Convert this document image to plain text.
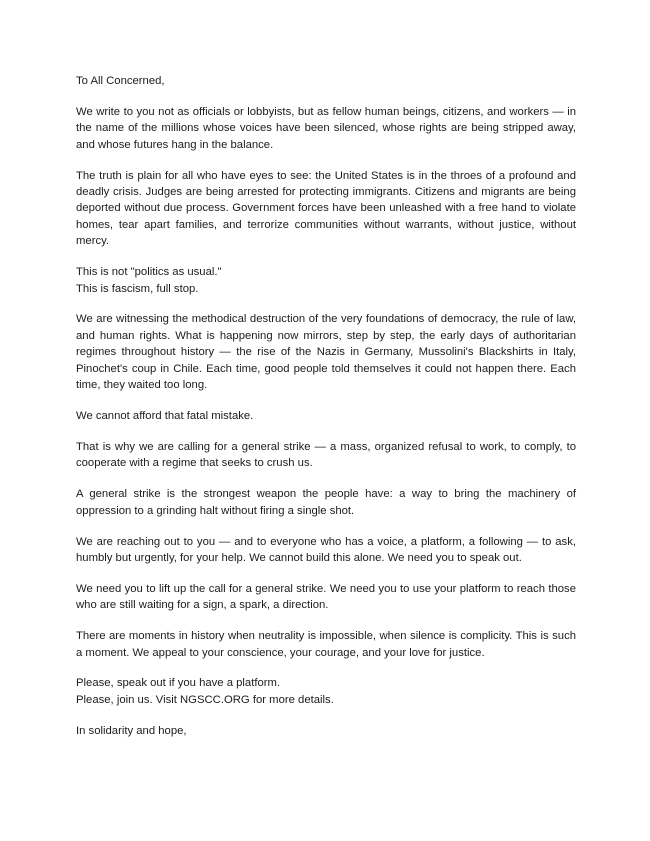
To All Concerned,

We write to you not as officials or lobbyists, but as fellow human beings, citizens, and workers — in the name of the millions whose voices have been silenced, whose rights are being stripped away, and whose futures hang in the balance.

The truth is plain for all who have eyes to see: the United States is in the throes of a profound and deadly crisis. Judges are being arrested for protecting immigrants. Citizens and migrants are being deported without due process. Government forces have been unleashed with a free hand to violate homes, tear apart families, and terrorize communities without warrants, without justice, without mercy.

This is not "politics as usual."
This is fascism, full stop.

We are witnessing the methodical destruction of the very foundations of democracy, the rule of law, and human rights. What is happening now mirrors, step by step, the early days of authoritarian regimes throughout history — the rise of the Nazis in Germany, Mussolini's Blackshirts in Italy, Pinochet's coup in Chile. Each time, good people told themselves it could not happen there. Each time, they waited too long.

We cannot afford that fatal mistake.

That is why we are calling for a general strike — a mass, organized refusal to work, to comply, to cooperate with a regime that seeks to crush us.

A general strike is the strongest weapon the people have: a way to bring the machinery of oppression to a grinding halt without firing a single shot.

We are reaching out to you — and to everyone who has a voice, a platform, a following — to ask, humbly but urgently, for your help. We cannot build this alone. We need you to speak out.

We need you to lift up the call for a general strike. We need you to use your platform to reach those who are still waiting for a sign, a spark, a direction.

There are moments in history when neutrality is impossible, when silence is complicity. This is such a moment. We appeal to your conscience, your courage, and your love for justice.

Please, speak out if you have a platform.
Please, join us. Visit NGSCC.ORG for more details.

In solidarity and hope,
